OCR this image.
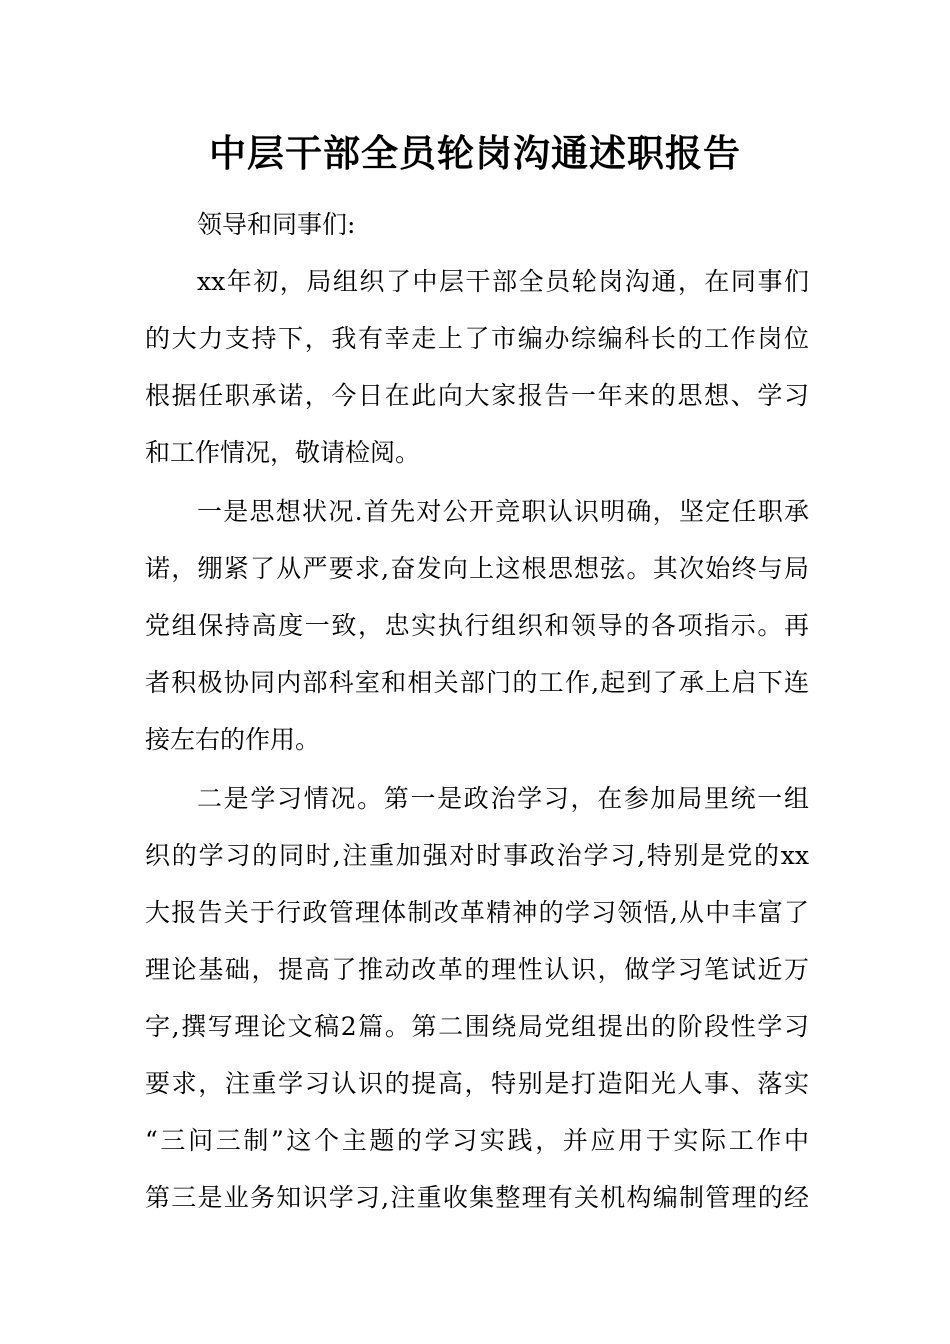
中层干部全员轮岗沟通述职报告
领导和同事们:
xx年初，局组织了中层干部全员轮岗沟通，在同事们
的大力支持下，我有幸走上了市编办综编科长的工作岗位
根据任职承诺，今日在此向大家报告一年来的思想、学习
和工作情况，敬请检阅。
一是思想状况.首先对公开竞职认识明确，坚定任职承
诺，绷紧了从严要求,奋发向上这根思想弦。其次始终与局
党组保持高度一致，忠实执行组织和领导的各项指示。再
者积极协同内部科室和相关部门的工作,起到了承上启下连
接左右的作用。
二是学习情况。第一是政治学习，在参加局里统一组
织的学习的同时,注重加强对时事政治学习,特别是党的xx
大报告关于行政管理体制改革精神的学习领悟,从中丰富了
理论基础，提高了推动改革的理性认识，做学习笔试近万
字,撰写理论文稿2篇。第二围绕局党组提出的阶段性学习
要求，注重学习认识的提高，特别是打造阳光人事、落实
“三问三制”这个主题的学习实践，并应用于实际工作中
第三是业务知识学习,注重收集整理有关机构编制管理的经
